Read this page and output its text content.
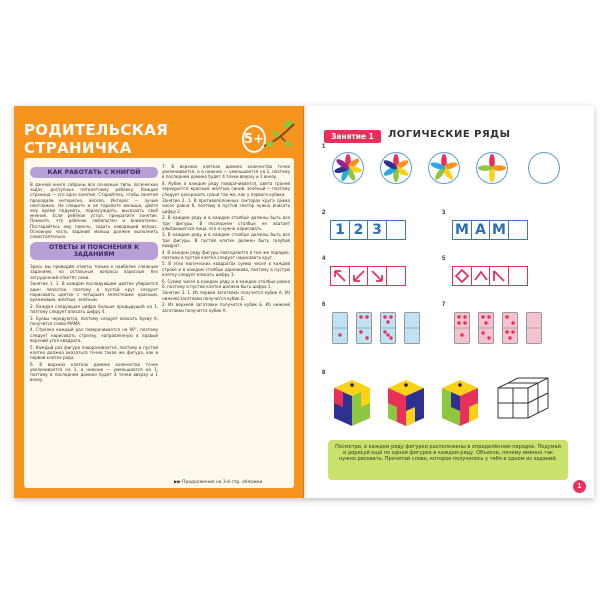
РОДИТЕЛЬСКАЯ СТРАНИЧКА	5+
КАК РАБОТАТЬ С КНИГОЙ

В данной книге собраны все основные типы логических задач, доступных пятилетнему ребёнку. Каждая страница — это одно занятие. Старайтесь, чтобы занятия проходили интересно, весело. Интерес — лучше неотложно. Не спешите и не торопите малыша, дайте ему время подумать, порассуждать, высказать своё мнение. Если ребёнок устал, прекратите занятие. Помните, что ребёнок любопытен и внимателен. Постарайтесь ему помочь, задать наводящий вопрос. Основную часть заданий малыш должен выполнить самостоятельно.

ОТВЕТЫ И ПОЯСНЕНИЯ К ЗАДАНИЯМ

Здесь мы приводим ответы только к наиболее сложным заданиям, на остальные вопросы взрослые без затруднений ответят сами.

Занятие 1. 1. В каждом последующем цветке убирается один лепесток, поэтому в пустой круг следует нарисовать цветок с четырьмя лепестками: красным, оранжевым, жёлтым, зелёным.

2. Каждая следующая цифра больше предыдущей на 1, поэтому следует вписать цифру 4.

3. Буквы чередуются, поэтому следует вписать букву А; получится слово МАМА.

4. Стрелка каждый раз поворачивается на 90°, поэтому следует нарисовать стрелку, направленную в правый верхний угол квадрата.

5. Каждый раз фигура поворачивается, поэтому в пустой клетке должна оказаться точно такая же фигура, как в первой клетке ряда.

6. В верхних клетках домино количество точек увеличивается на 1, в нижних — уменьшается на 1, поэтому в последнем домино будет 4 точки вверху и 1 внизу.

7. В верхних клетках домино количество точек увеличивается, а в нижних — уменьшается на 1, поэтому в последнем домино будет 4 точки вверху и 1 внизу.

8. Кубик в каждом ряду поворачивается, цвета граней чередуются: красный, жёлтый, синий, зелёный — поэтому следует раскрасить грани так же, как у первого кубика.

Занятие 2. 1. В противоположных секторах круга сумма чисел равна 6, поэтому в пустой сектор нужно вписать цифру 2.

2. В каждом ряду и в каждом столбце должны быть все три фигуры. В последнем столбце не хватает улыбающегося лица, его и нужно нарисовать.

3. В каждом ряду и в каждом столбце должны быть все три фигуры. В пустой клетке должен быть голубой квадрат.

4. В каждом ряду фигуры повторяются в том же порядке, поэтому в пустой клетке следует нарисовать круг.

5. В этих магических квадратах сумма чисел в каждой строке и в каждом столбце одинакова, поэтому в пустую клетку следует вписать цифру 3.

6. Сумма чисел в каждом ряду и в каждом столбце равна 6, поэтому в пустой клетке должна быть цифра 1.

Занятие 3. 1. Из первой заготовки получится кубик А. Из нижней заготовки получится кубик Б.

2. Из верхней заготовки получится кубик Б. Из нижней заготовки получится кубик А.

▶▶ Продолжение на 3-й стр. обложки
Занятие 1	ЛОГИЧЕСКИЕ РЯДЫ
1
2
1 2 3
3
М А М
4	5
6	7
8
Посмотри, в каждом ряду фигурки расположены в определённом порядке. Подумай и дорисуй ещё по одной фигурке в каждом ряду. Объясни, почему именно так нужно рисовать. Прочитай слово, которое получилось у тебя в одном из заданий.
1
